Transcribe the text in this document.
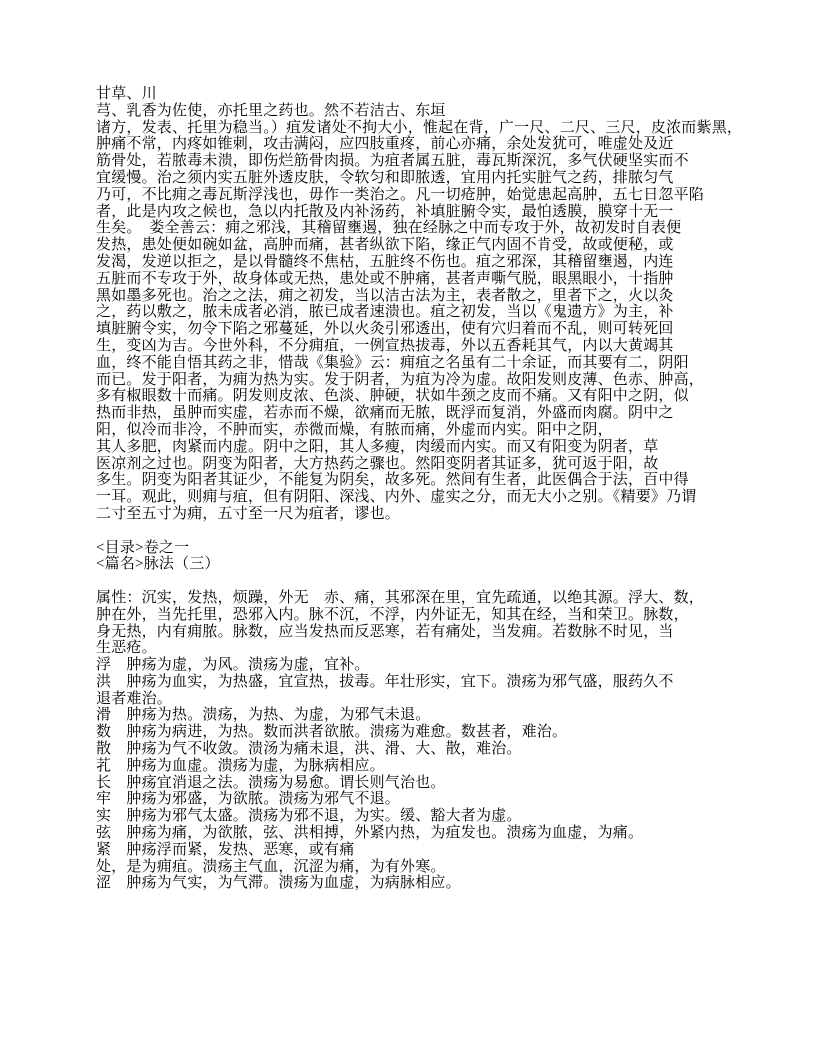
甘草、川
芎、乳香为佐使，亦托里之药也。然不若洁古、东垣
诸方，发表、托里为稳当。）疽发诸处不拘大小，惟起在背，广一尺、二尺、三尺，皮浓而紫黑，
肿痛不常，内疼如锥刺，攻击满闷，应四肢重疼，前心亦痛，余处发犹可，唯虚处及近
筋骨处，若脓毒未溃，即伤烂筋骨肉损。为疽者属五脏，毒瓦斯深沉，多气伏硬坚实而不
宜缓慢。治之须内实五脏外透皮肤，令软匀和即脓透，宜用内托实脏气之药，排脓匀气
乃可，不比痈之毒瓦斯浮浅也，毋作一类治之。凡一切疮肿，始觉患起高肿，五七日忽平陷
者，此是内攻之候也，急以内托散及内补汤药，补填脏腑令实，最怕透膜，膜穿十无一
生矣。　娄全善云：痈之邪浅，其稽留壅遏，独在经脉之中而专攻于外，故初发时自表便
发热，患处便如碗如盆，高肿而痛，甚者纵欲下陷，缘正气内固不肯受，故或便秘，或
发渴，发逆以拒之，是以骨髓终不焦枯，五脏终不伤也。疽之邪深，其稽留壅遏，内连
五脏而不专攻于外，故身体或无热，患处或不肿痛，甚者声嘶气脱，眼黑眼小，十指肿
黑如墨多死也。治之之法，痈之初发，当以洁古法为主，表者散之，里者下之，火以灸
之，药以敷之，脓未成者必消，脓已成者速溃也。疽之初发，当以《鬼遗方》为主，补
填脏腑令实，勿令下陷之邪蔓延，外以火灸引邪透出，使有穴归着而不乱，则可转死回
生，变凶为吉。今世外科，不分痈疽，一例宣热拔毒，外以五香耗其气，内以大黄竭其
血，终不能自悟其药之非，惜哉《集验》云：痈疽之名虽有二十余证，而其要有二，阴阳
而已。发于阳者，为痈为热为实。发于阴者，为疽为冷为虚。故阳发则皮薄、色赤、肿高，
多有椒眼数十而痛。阴发则皮浓、色淡、肿硬，状如牛颈之皮而不痛。又有阳中之阴，似
热而非热，虽肿而实虚，若赤而不燥，欲痛而无脓，既浮而复消，外盛而肉腐。阴中之
阳，似冷而非冷，不肿而实，赤微而燥，有脓而痛，外虚而内实。阳中之阴，
其人多肥，肉紧而内虚。阴中之阳，其人多瘦，肉缓而内实。而又有阳变为阴者，草
医凉剂之过也。阴变为阳者，大方热药之骤也。然阳变阴者其证多，犹可返于阳，故
多生。阴变为阳者其证少，不能复为阴矣，故多死。然间有生者，此医偶合于法，百中得
一耳。观此，则痈与疽，但有阴阳、深浅、内外、虚实之分，而无大小之别。《精要》乃谓
二寸至五寸为痈，五寸至一尺为疽者，谬也。
<目录>卷之一
<篇名>脉法（三）
属性：沉实，发热，烦躁，外无　赤、痛，其邪深在里，宜先疏通，以绝其源。浮大、数，
肿在外，当先托里，恐邪入内。脉不沉，不浮，内外证无，知其在经，当和荣卫。脉数，
身无热，内有痈脓。脉数，应当发热而反恶寒，若有痛处，当发痈。若数脉不时见，当
生恶疮。
浮　肿疡为虚，为风。溃疡为虚，宜补。
洪　肿疡为血实，为热盛，宜宣热，拔毒。年壮形实，宜下。溃疡为邪气盛，服药久不
退者难治。
滑　肿疡为热。溃疡，为热、为虚，为邪气未退。
数　肿疡为病进，为热。数而洪者欲脓。溃疡为难愈。数甚者，难治。
散　肿疡为气不收敛。溃汤为痛未退，洪、滑、大、散，难治。
芤　肿疡为血虚。溃疡为虚，为脉病相应。
长　肿疡宜消退之法。溃疡为易愈。谓长则气治也。
牢　肿疡为邪盛，为欲脓。溃疡为邪气不退。
实　肿疡为邪气太盛。溃疡为邪不退，为实。缓、豁大者为虚。
弦　肿疡为痛，为欲脓，弦、洪相搏，外紧内热，为疽发也。溃疡为血虚，为痛。
紧　肿疡浮而紧，发热、恶寒，或有痛
处，是为痈疽。溃疡主气血，沉涩为痛，为有外寒。
涩　肿疡为气实，为气滞。溃疡为血虚，为病脉相应。
